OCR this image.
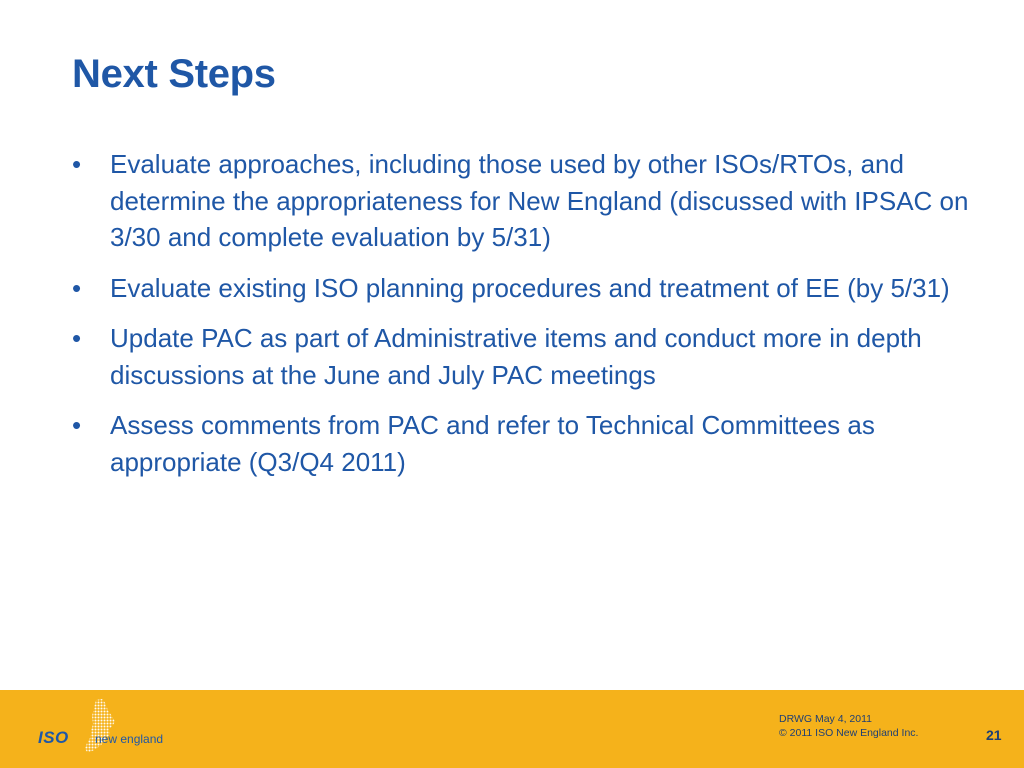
Next Steps
•	Evaluate approaches, including those used by other ISOs/RTOs, and determine the appropriateness for New England (discussed with IPSAC on 3/30 and complete evaluation by 5/31)
•	Evaluate existing ISO planning procedures and treatment of EE (by 5/31)
•	Update PAC as part of Administrative items and conduct more in depth discussions at the June and July PAC meetings
•	Assess comments from PAC and refer to Technical Committees as appropriate (Q3/Q4 2011)
ISO new england
DRWG May 4, 2011
© 2011 ISO New England Inc.	21
